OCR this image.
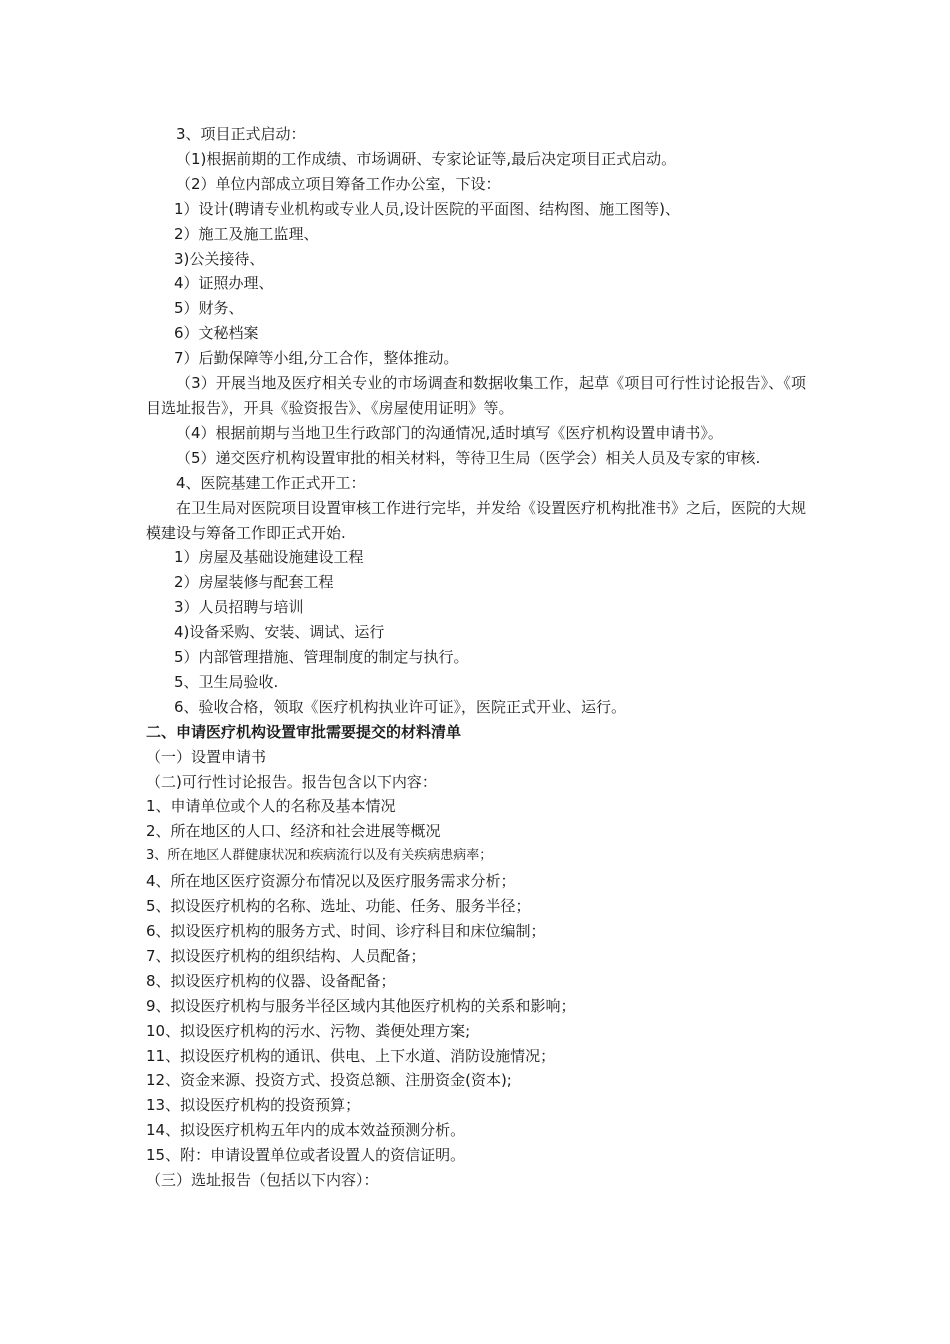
3、项目正式启动：

（1)根据前期的工作成绩、市场调研、专家论证等,最后决定项目正式启动。

（2）单位内部成立项目筹备工作办公室，下设：

1）设计(聘请专业机构或专业人员,设计医院的平面图、结构图、施工图等)、

2）施工及施工监理、

3)公关接待、

4）证照办理、

5）财务、

6）文秘档案

7）后勤保障等小组,分工合作，整体推动。

（3）开展当地及医疗相关专业的市场调查和数据收集工作，起草《项目可行性讨论报告》、《项目选址报告》，开具《验资报告》、《房屋使用证明》等。

（4）根据前期与当地卫生行政部门的沟通情况,适时填写《医疗机构设置申请书》。

（5）递交医疗机构设置审批的相关材料，等待卫生局（医学会）相关人员及专家的审核.

4、医院基建工作正式开工：

在卫生局对医院项目设置审核工作进行完毕，并发给《设置医疗机构批准书》之后，医院的大规模建设与筹备工作即正式开始.

1）房屋及基础设施建设工程

2）房屋装修与配套工程

3）人员招聘与培训

4)设备采购、安装、调试、运行

5）内部管理措施、管理制度的制定与执行。

5、卫生局验收.

6、验收合格，领取《医疗机构执业许可证》，医院正式开业、运行。

二、申请医疗机构设置审批需要提交的材料清单

（一）设置申请书

（二)可行性讨论报告。报告包含以下内容：

1、申请单位或个人的名称及基本情况

2、所在地区的人口、经济和社会进展等概况

3、所在地区人群健康状况和疾病流行以及有关疾病患病率；

4、所在地区医疗资源分布情况以及医疗服务需求分析；

5、拟设医疗机构的名称、选址、功能、任务、服务半径；

6、拟设医疗机构的服务方式、时间、诊疗科目和床位编制；

7、拟设医疗机构的组织结构、人员配备；

8、拟设医疗机构的仪器、设备配备；

9、拟设医疗机构与服务半径区域内其他医疗机构的关系和影响；

10、拟设医疗机构的污水、污物、粪便处理方案;

11、拟设医疗机构的通讯、供电、上下水道、消防设施情况；

12、资金来源、投资方式、投资总额、注册资金(资本);

13、拟设医疗机构的投资预算；

14、拟设医疗机构五年内的成本效益预测分析。

15、附：申请设置单位或者设置人的资信证明。

（三）选址报告（包括以下内容）：
